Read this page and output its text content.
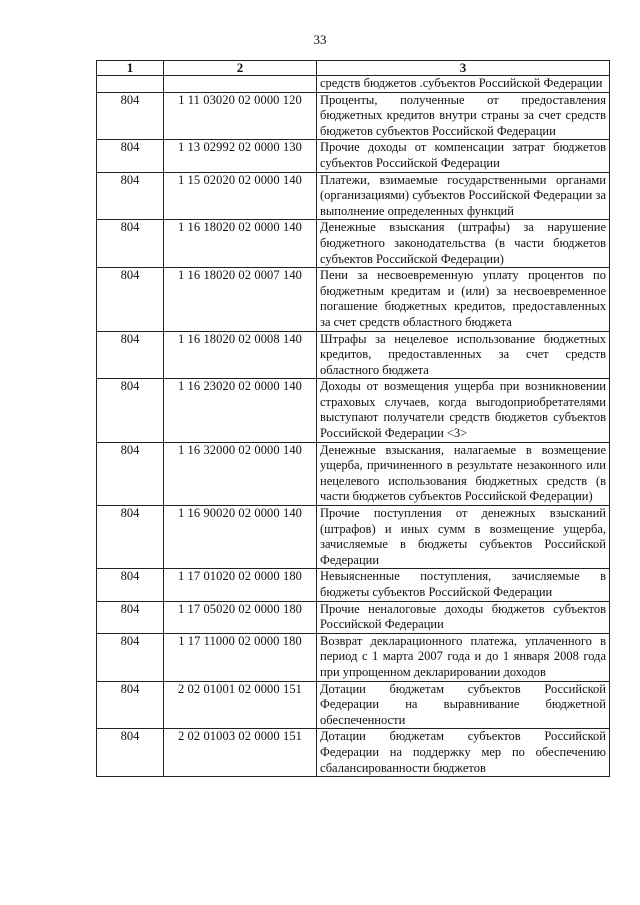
33
1	2	3
		средств бюджетов .субъектов Российской Федерации
804	1 11 03020 02 0000 120	Проценты, полученные от предоставления бюджетных кредитов внутри страны за счет средств бюджетов субъектов Российской Федерации
804	1 13 02992 02 0000 130	Прочие доходы от компенсации затрат бюджетов субъектов Российской Федерации
804	1 15 02020 02 0000 140	Платежи, взимаемые государственными органами (организациями) субъектов Российской Федерации за выполнение определенных функций
804	1 16 18020 02 0000 140	Денежные взыскания (штрафы) за нарушение бюджетного законодательства (в части бюджетов субъектов Российской Федерации)
804	1 16 18020 02 0007 140	Пени за несвоевременную уплату процентов по бюджетным кредитам и (или) за несвоевременное погашение бюджетных кредитов, предоставленных за счет средств областного бюджета
804	1 16 18020 02 0008 140	Штрафы за нецелевое использование бюджетных кредитов, предоставленных за счет средств областного бюджета
804	1 16 23020 02 0000 140	Доходы от возмещения ущерба при возникновении страховых случаев, когда выгодоприобретателями выступают получатели средств бюджетов субъектов Российской Федерации <3>
804	1 16 32000 02 0000 140	Денежные взыскания, налагаемые в возмещение ущерба, причиненного в результате незаконного или нецелевого использования бюджетных средств (в части бюджетов субъектов Российской Федерации)
804	1 16 90020 02 0000 140	Прочие поступления от денежных взысканий (штрафов) и иных сумм в возмещение ущерба, зачисляемые в бюджеты субъектов Российской Федерации
804	1 17 01020 02 0000 180	Невыясненные поступления, зачисляемые в бюджеты субъектов Российской Федерации
804	1 17 05020 02 0000 180	Прочие неналоговые доходы бюджетов субъектов Российской Федерации
804	1 17 11000 02 0000 180	Возврат декларационного платежа, уплаченного в период с 1 марта 2007 года и до 1 января 2008 года при упрощенном декларировании доходов
804	2 02 01001 02 0000 151	Дотации бюджетам субъектов Российской Федерации на выравнивание бюджетной обеспеченности
804	2 02 01003 02 0000 151	Дотации бюджетам субъектов Российской Федерации на поддержку мер по обеспечению сбалансированности бюджетов
